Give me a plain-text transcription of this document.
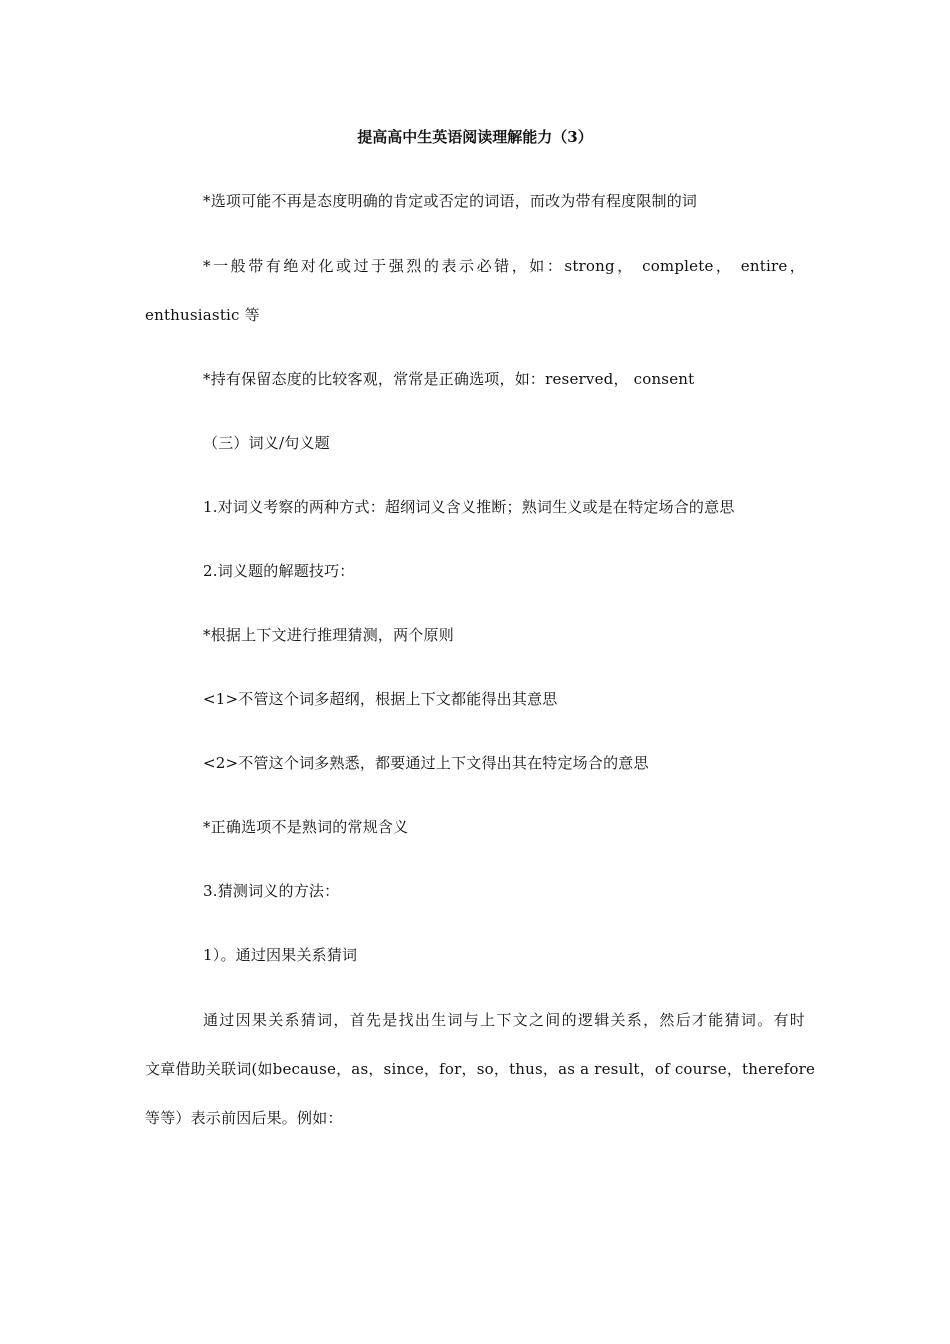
提高高中生英语阅读理解能力（3）
*选项可能不再是态度明确的肯定或否定的词语，而改为带有程度限制的词
*一般带有绝对化或过于强烈的表示必错，如：strong， complete， entire，
enthusiastic 等
*持有保留态度的比较客观，常常是正确选项，如：reserved， consent
（三）词义/句义题
1.对词义考察的两种方式：超纲词义含义推断；熟词生义或是在特定场合的意思
2.词义题的解题技巧：
*根据上下文进行推理猜测，两个原则
<1>不管这个词多超纲，根据上下文都能得出其意思
<2>不管这个词多熟悉，都要通过上下文得出其在特定场合的意思
*正确选项不是熟词的常规含义
3.猜测词义的方法：
1）。通过因果关系猜词
通过因果关系猜词，首先是找出生词与上下文之间的逻辑关系，然后才能猜词。有时
文章借助关联词(如because，as，since，for，so，thus，as a result，of course，therefore
等等）表示前因后果。例如：
